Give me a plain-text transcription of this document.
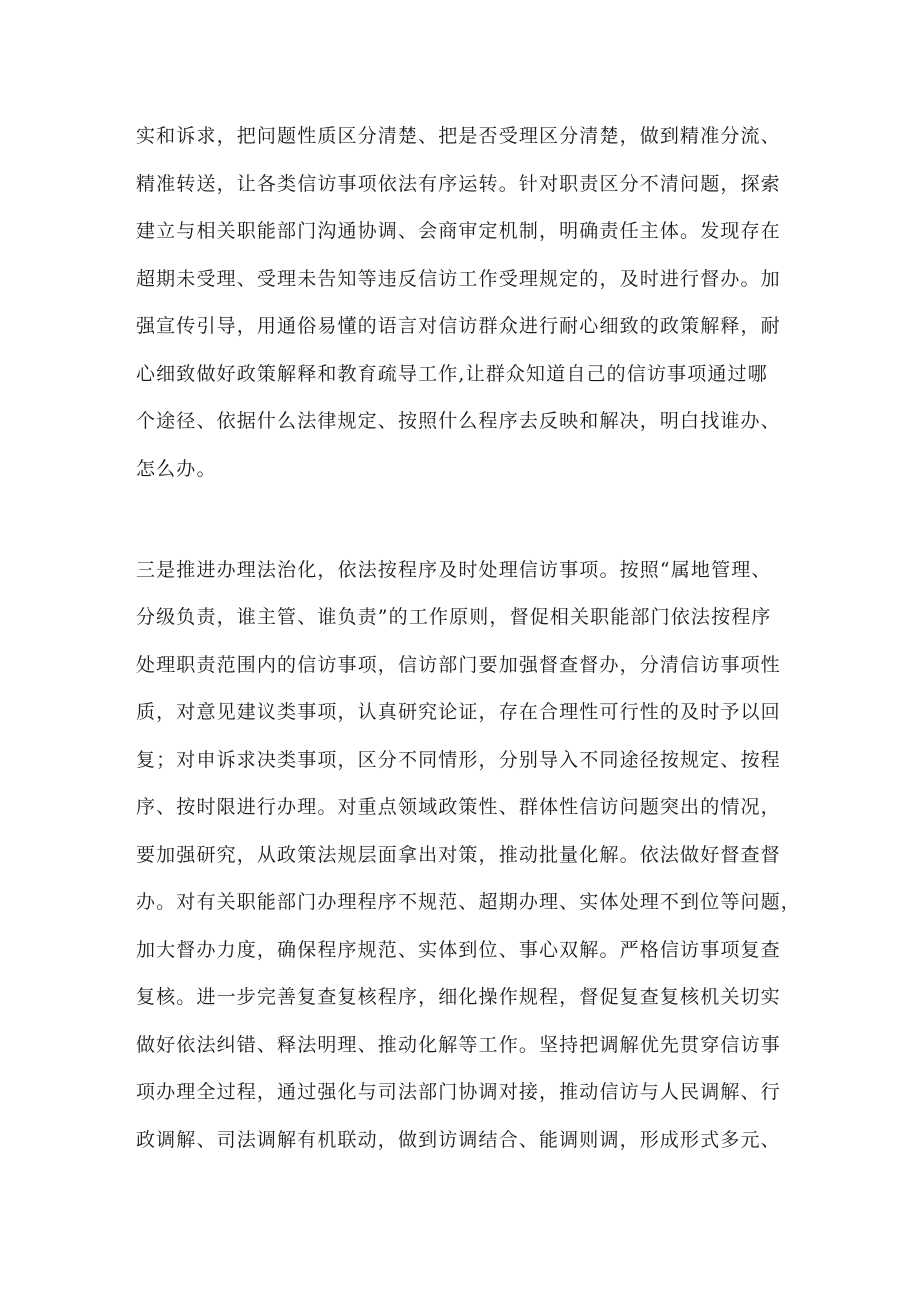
实和诉求，把问题性质区分清楚、把是否受理区分清楚，做到精准分流、
精准转送，让各类信访事项依法有序运转。针对职责区分不清问题，探索
建立与相关职能部门沟通协调、会商审定机制，明确责任主体。发现存在
超期未受理、受理未告知等违反信访工作受理规定的，及时进行督办。加
强宣传引导，用通俗易懂的语言对信访群众进行耐心细致的政策解释，耐
心细致做好政策解释和教育疏导工作,让群众知道自己的信访事项通过哪
个途径、依据什么法律规定、按照什么程序去反映和解决，明白找谁办、
怎么办。
三是推进办理法治化，依法按程序及时处理信访事项。按照“属地管理、
分级负责，谁主管、谁负责”的工作原则，督促相关职能部门依法按程序
处理职责范围内的信访事项，信访部门要加强督查督办，分清信访事项性
质，对意见建议类事项，认真研究论证，存在合理性可行性的及时予以回
复；对申诉求决类事项，区分不同情形，分别导入不同途径按规定、按程
序、按时限进行办理。对重点领域政策性、群体性信访问题突出的情况，
要加强研究，从政策法规层面拿出对策，推动批量化解。依法做好督查督
办。对有关职能部门办理程序不规范、超期办理、实体处理不到位等问题，
加大督办力度，确保程序规范、实体到位、事心双解。严格信访事项复查
复核。进一步完善复查复核程序，细化操作规程，督促复查复核机关切实
做好依法纠错、释法明理、推动化解等工作。坚持把调解优先贯穿信访事
项办理全过程，通过强化与司法部门协调对接，推动信访与人民调解、行
政调解、司法调解有机联动，做到访调结合、能调则调，形成形式多元、
